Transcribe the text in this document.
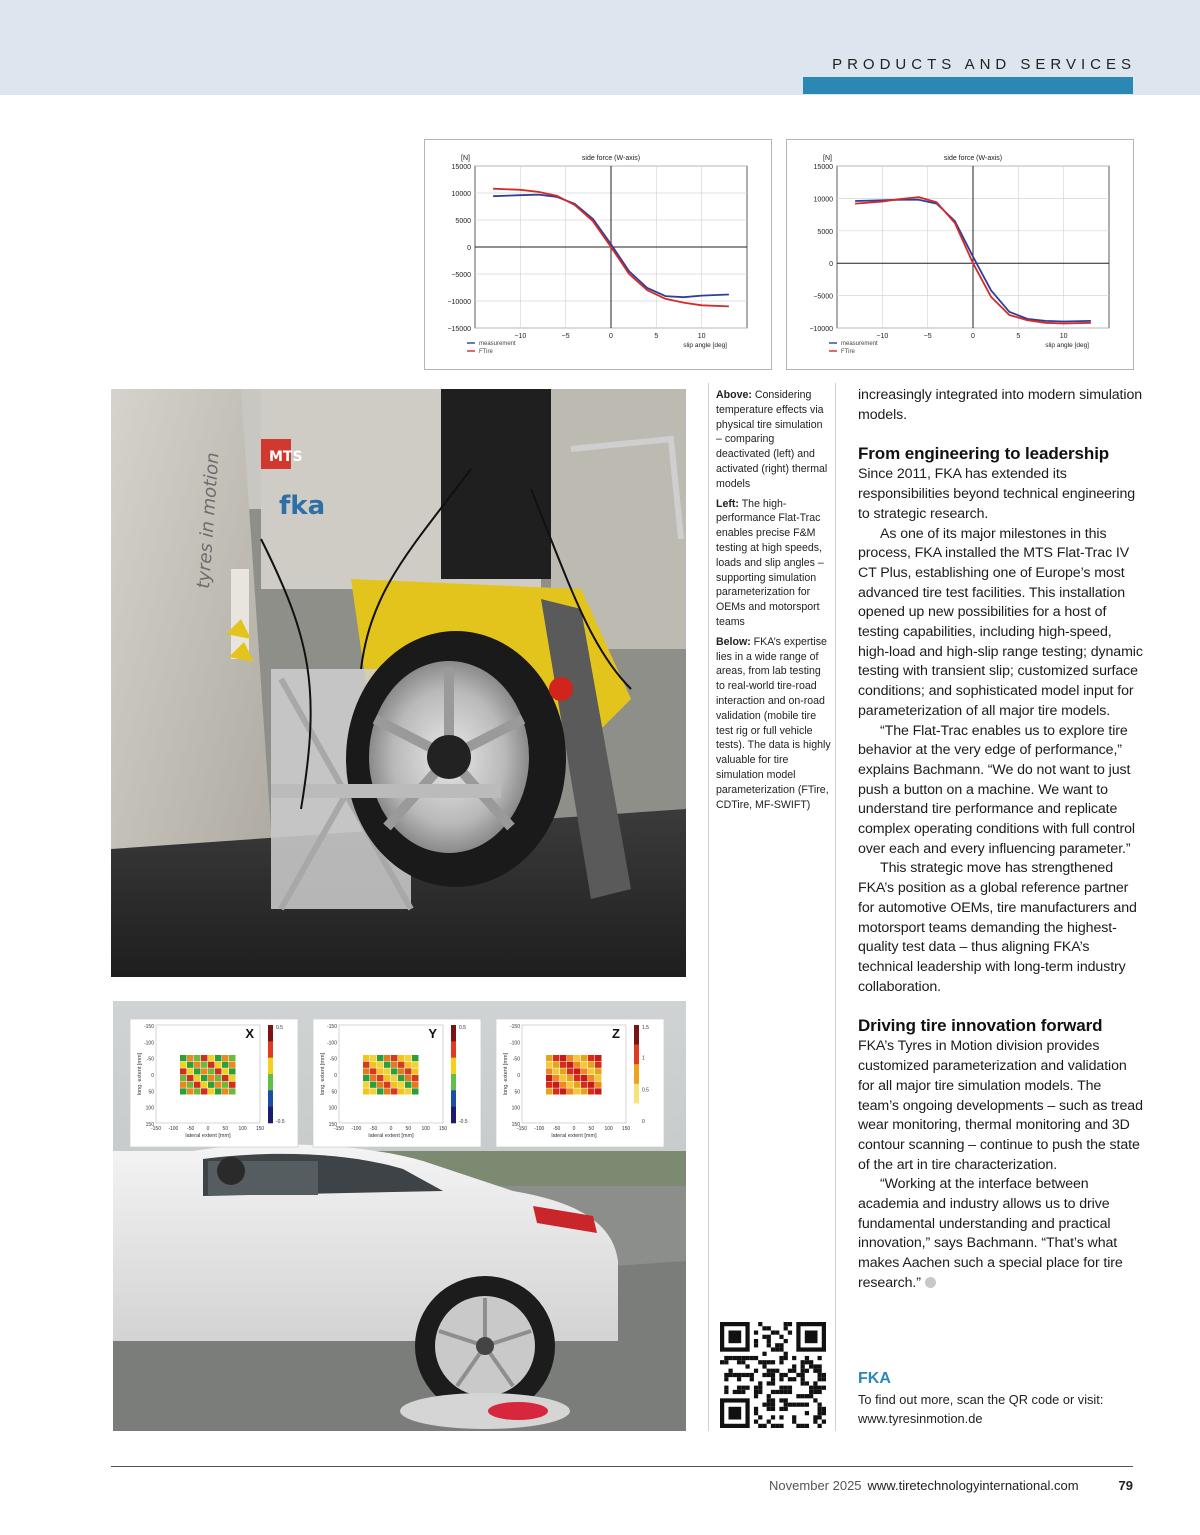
PRODUCTS AND SERVICES
15000
10000
5000
0
−5000
−10000
−15000
−10	−5	0	5	10
[N]	side force (W-axis)
slip angle [deg]
measurement
FTire
15000
10000
5000
0
−5000
−10000
−10	−5	0	5	10
[N]	side force (W-axis)
slip angle [deg]
measurement
FTire
MTS
fka
tyres in motion
X
-150
-100
-50
0
50
100
150
-150 -100 -50 0	50 100 150
lateral extent [mm]
long. extent [mm]
0.5
-0.5
Y
-150
-100
-50
0
50
100
150
-150 -100 -50 0	50 100 150
lateral extent [mm]
long. extent [mm]
0.5
-0.5
Z
-150
-100
-50
0
50
100
150
-150 -100 -50 0	50 100 150
lateral extent [mm]
long. extent [mm]
1.5
0
1
0.5

Above: Considering temperature effects via physical tire simulation – comparing deactivated (left) and activated (right) thermal models

Left: The high-performance Flat-Trac enables precise F&M testing at high speeds, loads and slip angles – supporting simulation parameterization for OEMs and motorsport teams

Below: FKA’s expertise lies in a wide range of areas, from lab testing to real-world tire-road interaction and on-road validation (mobile tire test rig or full vehicle tests). The data is highly valuable for tire simulation model parameterization (FTire, CDTire, MF-SWIFT)

increasingly integrated into modern simulation models.

From engineering to leadership

Since 2011, FKA has extended its responsibilities beyond technical engineering to strategic research.

As one of its major milestones in this process, FKA installed the MTS Flat-Trac IV CT Plus, establishing one of Europe’s most advanced tire test facilities. This installation opened up new possibilities for a host of testing capabilities, including high-speed, high-load and high-slip range testing; dynamic testing with transient slip; customized surface conditions; and sophisticated model input for parameterization of all major tire models.

“The Flat-Trac enables us to explore tire behavior at the very edge of performance,” explains Bachmann. “We do not want to just push a button on a machine. We want to understand tire performance and replicate complex operating conditions with full control over each and every influencing parameter.”

This strategic move has strengthened FKA’s position as a global reference partner for automotive OEMs, tire manufacturers and motorsport teams demanding the highest-quality test data – thus aligning FKA’s technical leadership with long-term industry collaboration.

Driving tire innovation forward

FKA’s Tyres in Motion division provides customized parameterization and validation for all major tire simulation models. The team’s ongoing developments – such as tread wear monitoring, thermal monitoring and 3D contour scanning – continue to push the state of the art in tire characterization.

“Working at the interface between academia and industry allows us to drive fundamental understanding and practical innovation,” says Bachmann. “That’s what makes Aachen such a special place for tire research.”

FKA
To find out more, scan the QR code or visit:
www.tyresinmotion.de
November 2025 www.tiretechnologyinternational.com	79
